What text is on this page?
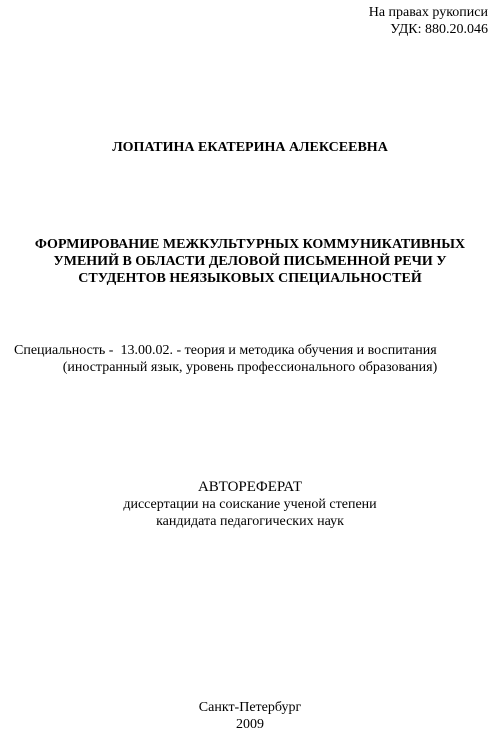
На правах рукописи
УДК: 880.20.046
ЛОПАТИНА ЕКАТЕРИНА АЛЕКСЕЕВНА
ФОРМИРОВАНИЕ МЕЖКУЛЬТУРНЫХ КОММУНИКАТИВНЫХ
УМЕНИЙ В ОБЛАСТИ ДЕЛОВОЙ ПИСЬМЕННОЙ РЕЧИ У
СТУДЕНТОВ НЕЯЗЫКОВЫХ СПЕЦИАЛЬНОСТЕЙ
Специальность -  13.00.02. - теория и методика обучения и воспитания
(иностранный язык, уровень профессионального образования)
АВТОРЕФЕРАТ
диссертации на соискание ученой степени
кандидата педагогических наук
Санкт-Петербург
2009
